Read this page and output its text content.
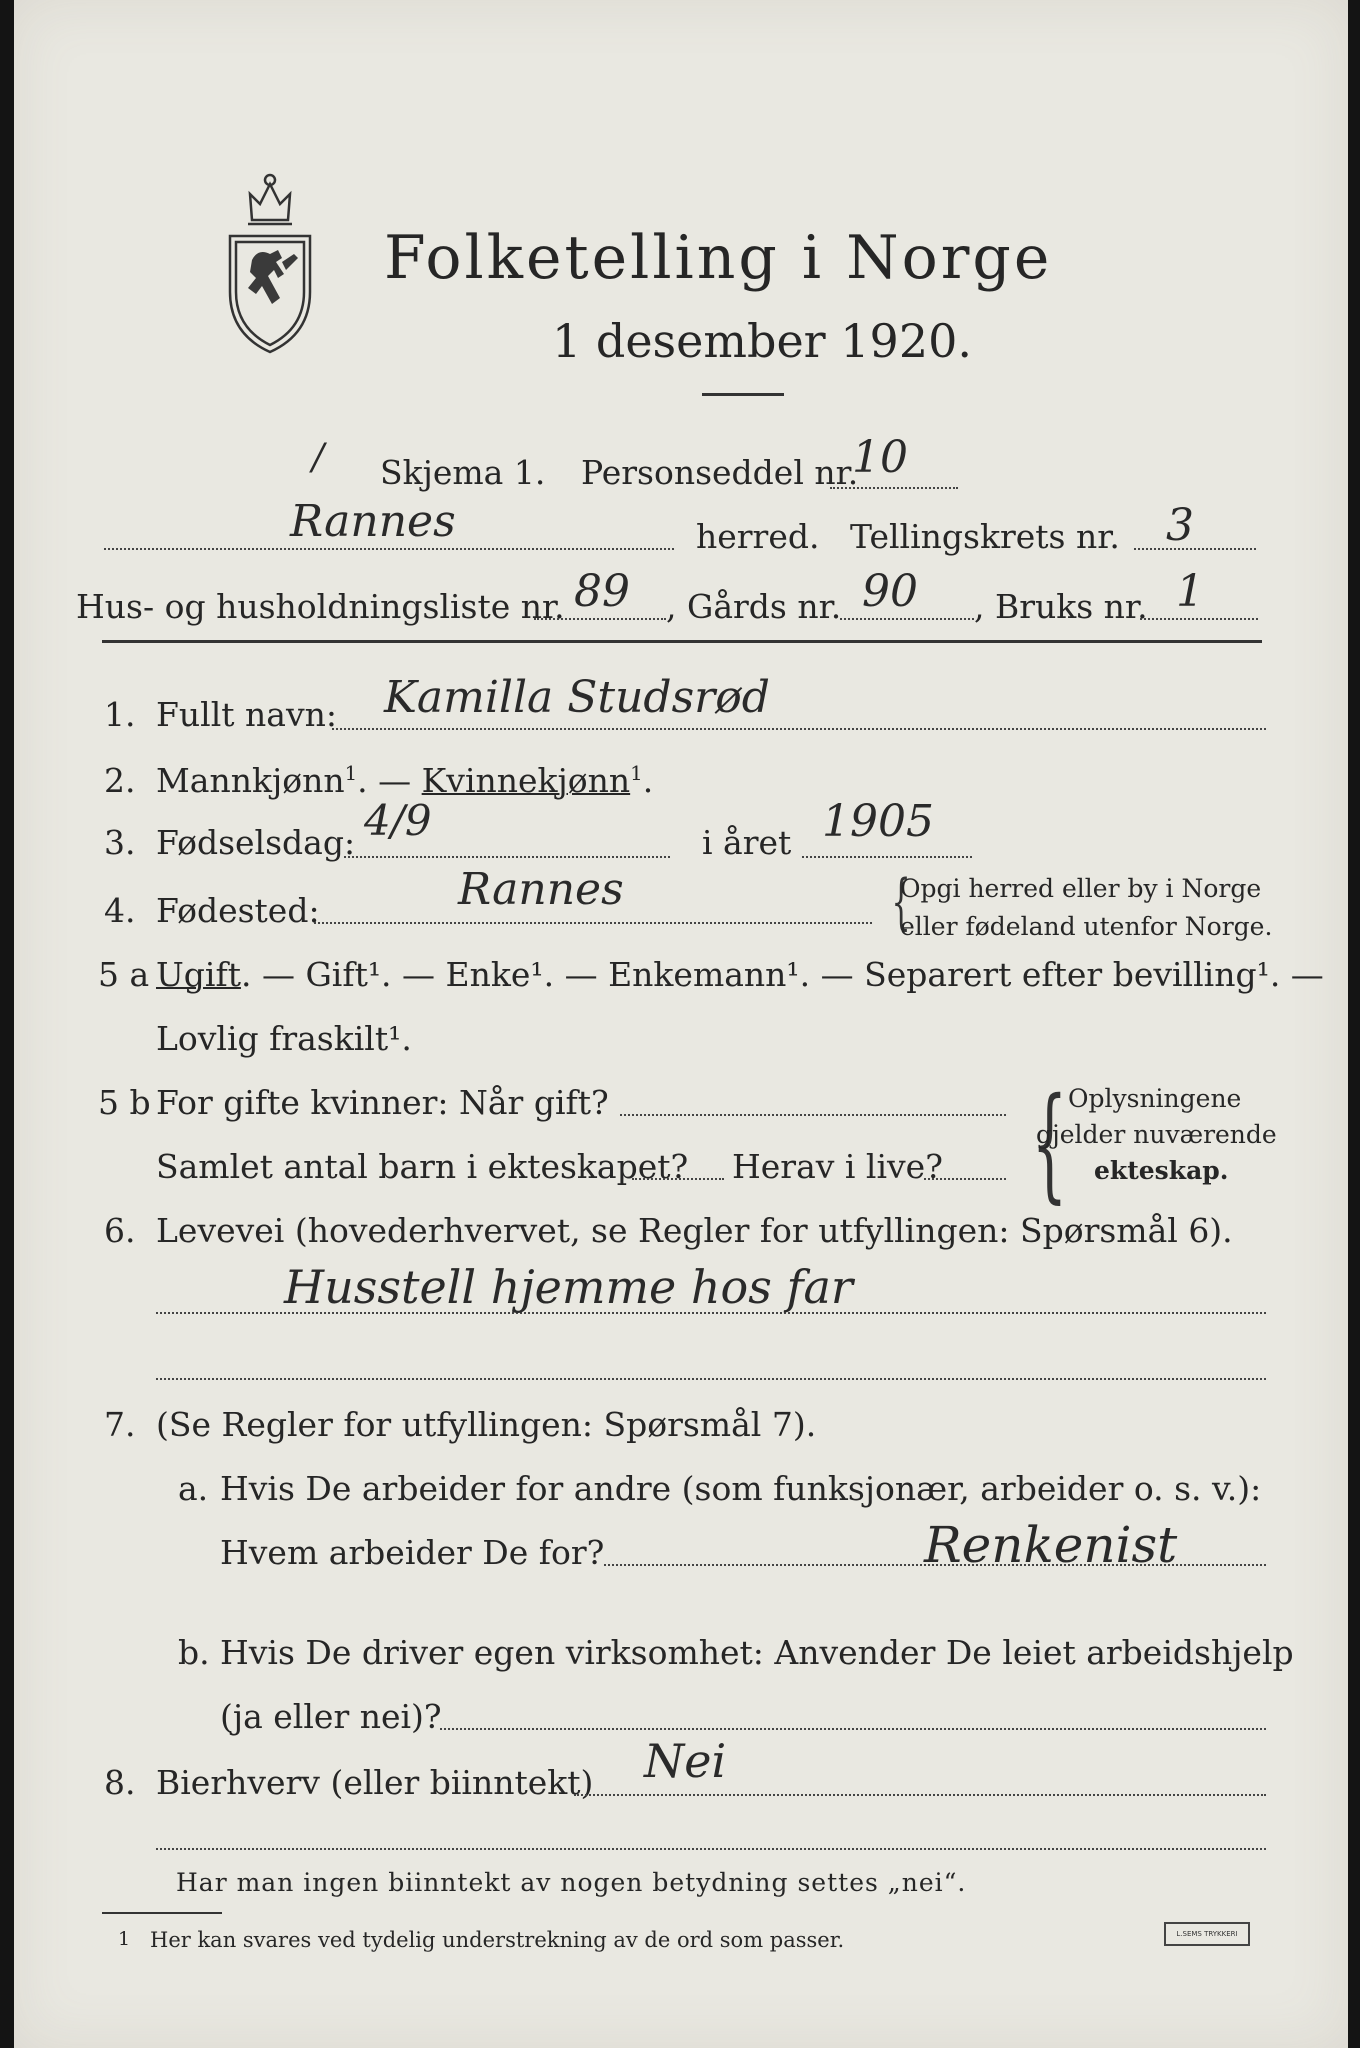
Folketelling i Norge
1 desember 1920.
/ Skjema 1. Personseddel nr.
10
Rannes	herred. Tellingskrets nr. 3
Hus- og husholdningsliste nr. 89 , Gårds nr. 90 , Bruks nr. 1
1. Fullt navn: Kamilla Studsrød
2. Mannkjønn$^1$. — Kvinnekjønn$^1$.
3. Fødselsdag: 4/9	i året 1905
4. Fødested:	Rannes	{
Opgi herred eller by i Norge
eller fødeland utenfor Norge.
5 a Ugift. — Gift¹. — Enke¹. — Enkemann¹. — Separert efter bevilling¹. —
Lovlig fraskilt¹.
5 b For gifte kvinner: Når gift?
Samlet antal barn i ekteskapet? Herav i live? { Oplysningene
gjelder nuværende
ekteskap.
6. Levevei (hovederhvervet, se Regler for utfyllingen: Spørsmål 6).
Husstell hjemme hos far
7. (Se Regler for utfyllingen: Spørsmål 7).
a. Hvis De arbeider for andre (som funksjonær, arbeider o. s. v.):
Hvem arbeider De for?	Renkenist
b. Hvis De driver egen virksomhet: Anvender De leiet arbeidshjelp
(ja eller nei)?
8. Bierhverv (eller biinntekt) Nei
Har man ingen biinntekt av nogen betydning settes „nei“.
1 Her kan svares ved tydelig understrekning av de ord som passer.	L.SEMS TRYKKERI
